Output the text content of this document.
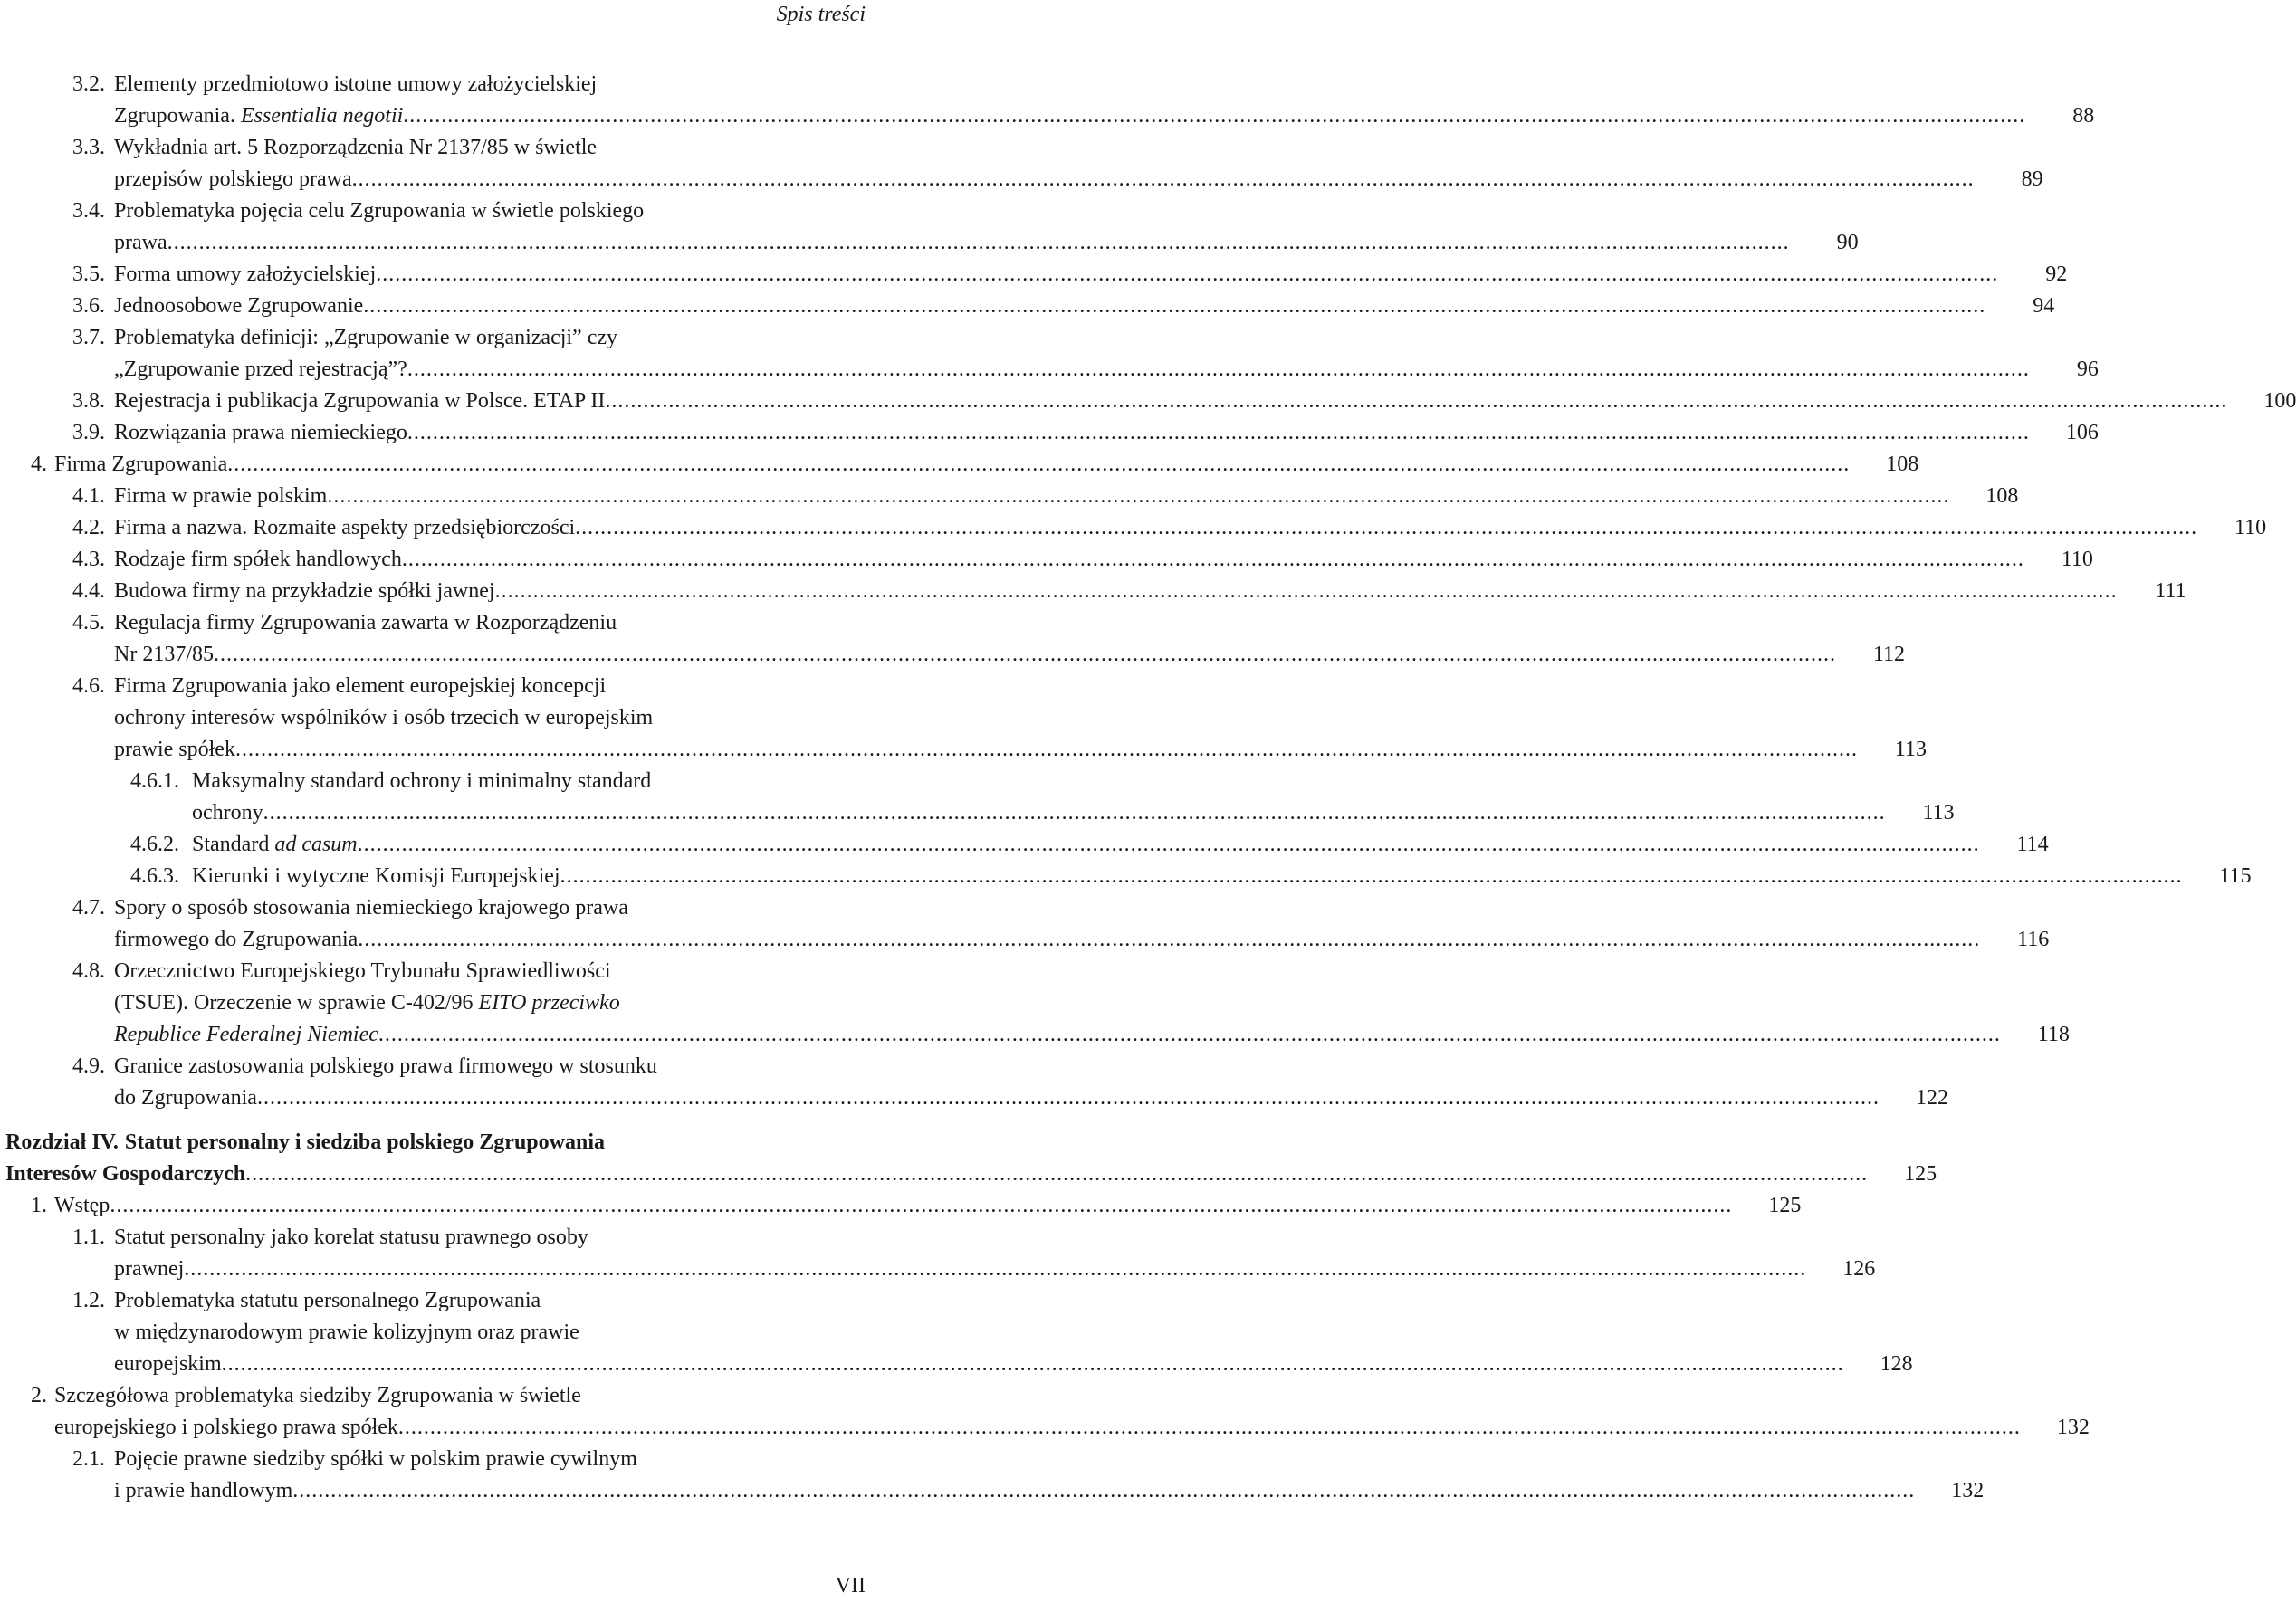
Spis treści
3.2. Elementy przedmiotowo istotne umowy założycielskiej
Zgrupowania. Essentialia negotii .....	88
3.3. Wykładnia art. 5 Rozporządzenia Nr 2137/85 w świetle
przepisów polskiego prawa .....	89
3.4. Problematyka pojęcia celu Zgrupowania w świetle polskiego
prawa .....	90
3.5. Forma umowy założycielskiej .....	92
3.6. Jednoosobowe Zgrupowanie .....	94
3.7. Problematyka definicji: „Zgrupowanie w organizacji” czy
„Zgrupowanie przed rejestracją”? .....	96
3.8. Rejestracja i publikacja Zgrupowania w Polsce. ETAP II .....	100
3.9. Rozwiązania prawa niemieckiego .....	106
4. Firma Zgrupowania .....	108
4.1. Firma w prawie polskim .....	108
4.2. Firma a nazwa. Rozmaite aspekty przedsiębiorczości .....	110
4.3. Rodzaje firm spółek handlowych .....	110
4.4. Budowa firmy na przykładzie spółki jawnej .....	111
4.5. Regulacja firmy Zgrupowania zawarta w Rozporządzeniu
Nr 2137/85 .....	112
4.6. Firma Zgrupowania jako element europejskiej koncepcji
ochrony interesów wspólników i osób trzecich w europejskim
prawie spółek .....	113
4.6.1. Maksymalny standard ochrony i minimalny standard
ochrony .....	113
4.6.2. Standard ad casum .....	114
4.6.3. Kierunki i wytyczne Komisji Europejskiej .....	115
4.7. Spory o sposób stosowania niemieckiego krajowego prawa
firmowego do Zgrupowania .....	116
4.8. Orzecznictwo Europejskiego Trybunału Sprawiedliwości
(TSUE). Orzeczenie w sprawie C-402/96 EITO przeciwko
Republice Federalnej Niemiec .....	118
4.9. Granice zastosowania polskiego prawa firmowego w stosunku
do Zgrupowania .....	122
Rozdział IV. Statut personalny i siedziba polskiego Zgrupowania
Interesów Gospodarczych .....	125
1. Wstęp .....	125
1.1. Statut personalny jako korelat statusu prawnego osoby
prawnej .....	126
1.2. Problematyka statutu personalnego Zgrupowania
w międzynarodowym prawie kolizyjnym oraz prawie
europejskim .....	128
2. Szczegółowa problematyka siedziby Zgrupowania w świetle
europejskiego i polskiego prawa spółek .....	132
2.1. Pojęcie prawne siedziby spółki w polskim prawie cywilnym
i prawie handlowym .....	132
VII
